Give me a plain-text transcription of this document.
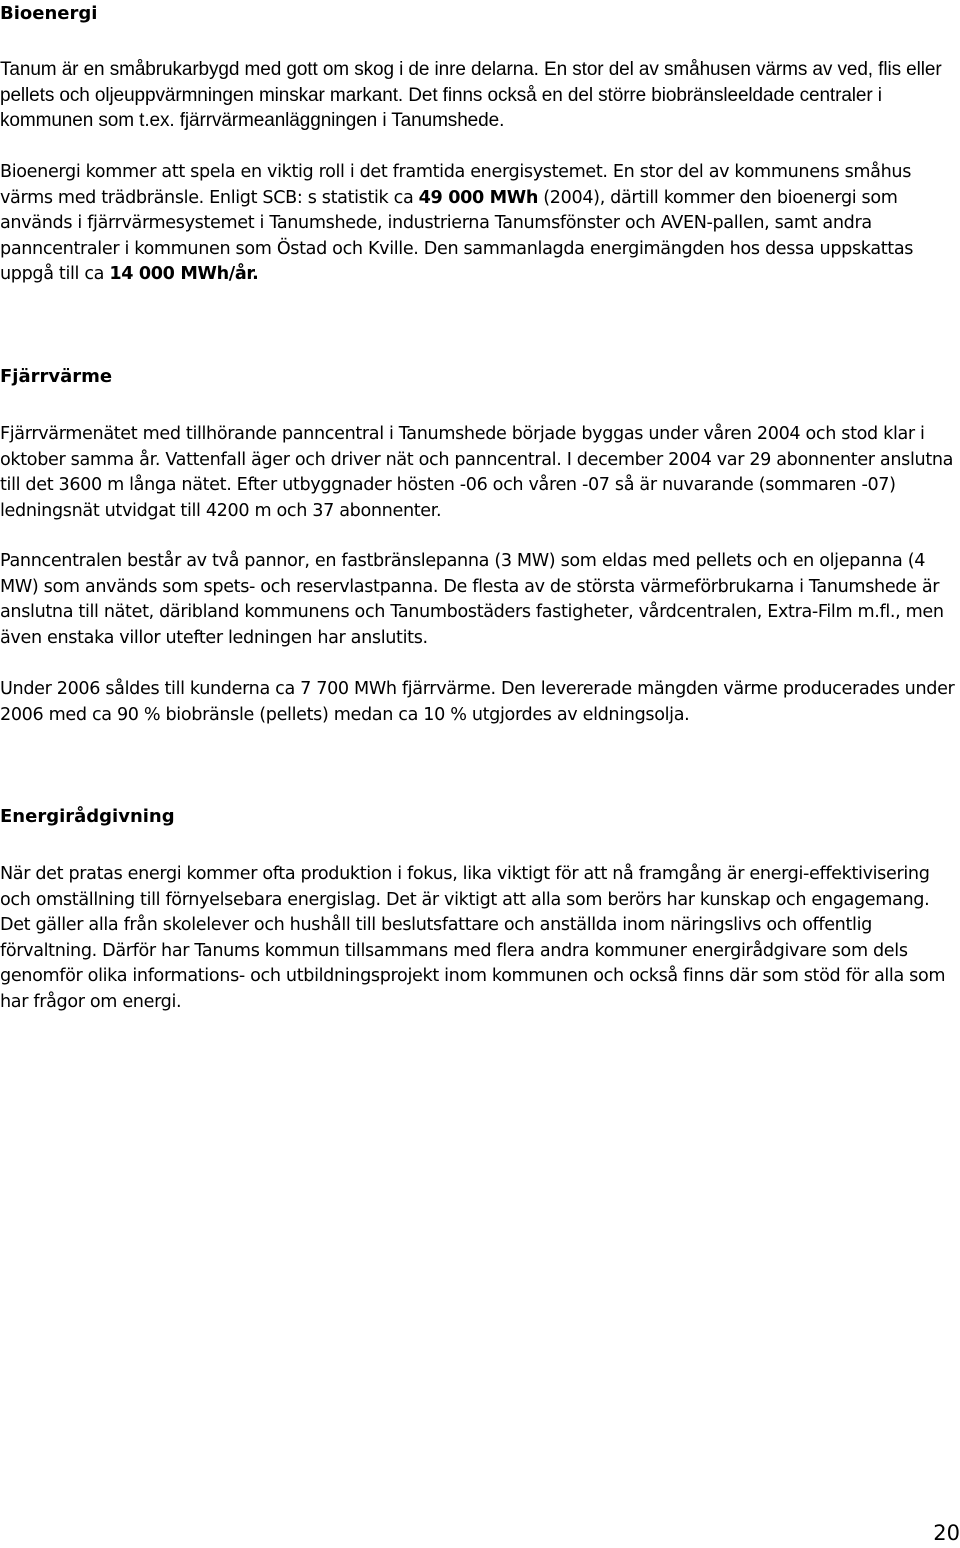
Bioenergi

Tanum är en småbrukarbygd med gott om skog i de inre delarna. En stor del av småhusen värms av ved, flis eller pellets och oljeuppvärmningen minskar markant. Det finns också en del större biobränsleeldade centraler i kommunen som t.ex. fjärrvärmeanläggningen i Tanumshede.

Bioenergi kommer att spela en viktig roll i det framtida energisystemet. En stor del av kommunens småhus värms med trädbränsle. Enligt SCB: s statistik ca 49 000 MWh (2004), därtill kommer den bioenergi som används i fjärrvärmesystemet i Tanumshede, industrierna Tanumsfönster och AVEN-pallen, samt andra panncentraler i kommunen som Östad och Kville. Den sammanlagda energimängden hos dessa uppskattas uppgå till ca 14 000 MWh/år.

Fjärrvärme

Fjärrvärmenätet med tillhörande panncentral i Tanumshede började byggas under våren 2004 och stod klar i oktober samma år. Vattenfall äger och driver nät och panncentral. I december 2004 var 29 abonnenter anslutna till det 3600 m långa nätet. Efter utbyggnader hösten -06 och våren -07 så är nuvarande (sommaren -07) ledningsnät utvidgat till 4200 m och 37 abonnenter.

Panncentralen består av två pannor, en fastbränslepanna (3 MW) som eldas med pellets och en oljepanna (4 MW) som används som spets- och reservlastpanna. De flesta av de största värmeförbrukarna i Tanumshede är anslutna till nätet, däribland kommunens och Tanumbostäders fastigheter, vårdcentralen, Extra-Film m.fl., men även enstaka villor utefter ledningen har anslutits.

Under 2006 såldes till kunderna ca 7 700 MWh fjärrvärme. Den levererade mängden värme producerades under 2006 med ca 90 % biobränsle (pellets) medan ca 10 % utgjordes av eldningsolja.

Energirådgivning

När det pratas energi kommer ofta produktion i fokus, lika viktigt för att nå framgång är energi-effektivisering och omställning till förnyelsebara energislag. Det är viktigt att alla som berörs har kunskap och engagemang. Det gäller alla från skolelever och hushåll till beslutsfattare och anställda inom näringslivs och offentlig förvaltning. Därför har Tanums kommun tillsammans med flera andra kommuner energirådgivare som dels genomför olika informations- och utbildningsprojekt inom kommunen och också finns där som stöd för alla som har frågor om energi.

20
